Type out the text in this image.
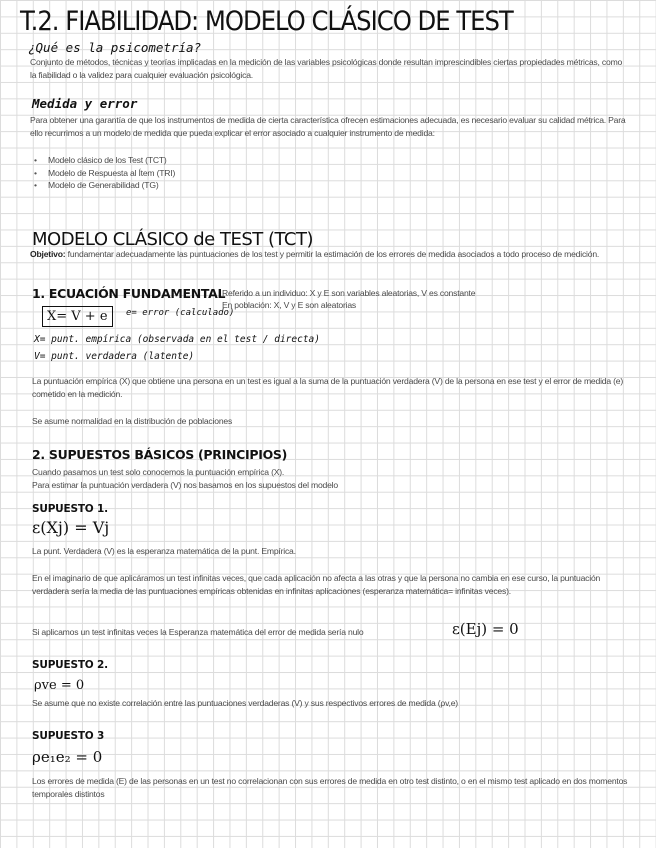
T.2. FIABILIDAD: MODELO CLÁSICO DE TEST
¿Qué es la psicometría?
Conjunto de métodos, técnicas y teorías implicadas en la medición de las variables psicológicas donde resultan imprescindibles ciertas propiedades métricas, como la fiabilidad o la validez para cualquier evaluación psicológica.
Medida y error
Para obtener una garantía de que los instrumentos de medida de cierta característica ofrecen estimaciones adecuada, es necesario evaluar su calidad métrica. Para ello recurrimos a un modelo de medida que pueda explicar el error asociado a cualquier instrumento de medida:
• Modelo clásico de los Test (TCT)
• Modelo de Respuesta al Ítem (TRI)
• Modelo de Generabilidad (TG)
MODELO CLÁSICO de TEST (TCT)
Objetivo: fundamentar adecuadamente las puntuaciones de los test y permitir la estimación de los errores de medida asociados a todo proceso de medición.
1. ECUACIÓN FUNDAMENTAL
Referido a un individuo: X y E son variables aleatorias, V es constante
En población: X, V y E son aleatorias
X= V + e	e= error (calculado)
X= punt. empírica (observada en el test / directa)
V= punt. verdadera (latente)
La puntuación empírica (X) que obtiene una persona en un test es igual a la suma de la puntuación verdadera (V) de la persona en ese test y el error de medida (e) cometido en la medición.
Se asume normalidad en la distribución de poblaciones
2. SUPUESTOS BÁSICOS (PRINCIPIOS)
Cuando pasamos un test solo conocemos la puntuación empírica (X).
Para estimar la puntuación verdadera (V) nos basamos en los supuestos del modelo
SUPUESTO 1.
ε(Xj) = Vj
La punt. Verdadera (V) es la esperanza matemática de la punt. Empírica.
En el imaginario de que aplicáramos un test infinitas veces, que cada aplicación no afecta a las otras y que la persona no cambia en ese curso, la puntuación verdadera sería la media de las puntuaciones empíricas obtenidas en infinitas aplicaciones (esperanza matemática= infinitas veces).
Si aplicamos un test infinitas veces la Esperanza matemática del error de medida sería nulo	ε(Ej) = 0
SUPUESTO 2.
ρve = 0
Se asume que no existe correlación entre las puntuaciones verdaderas (V) y sus respectivos errores de medida (ρv,e)
SUPUESTO 3
ρe₁e₂ = 0
Los errores de medida (E) de las personas en un test no correlacionan con sus errores de medida en otro test distinto, o en el mismo test aplicado en dos momentos temporales distintos
